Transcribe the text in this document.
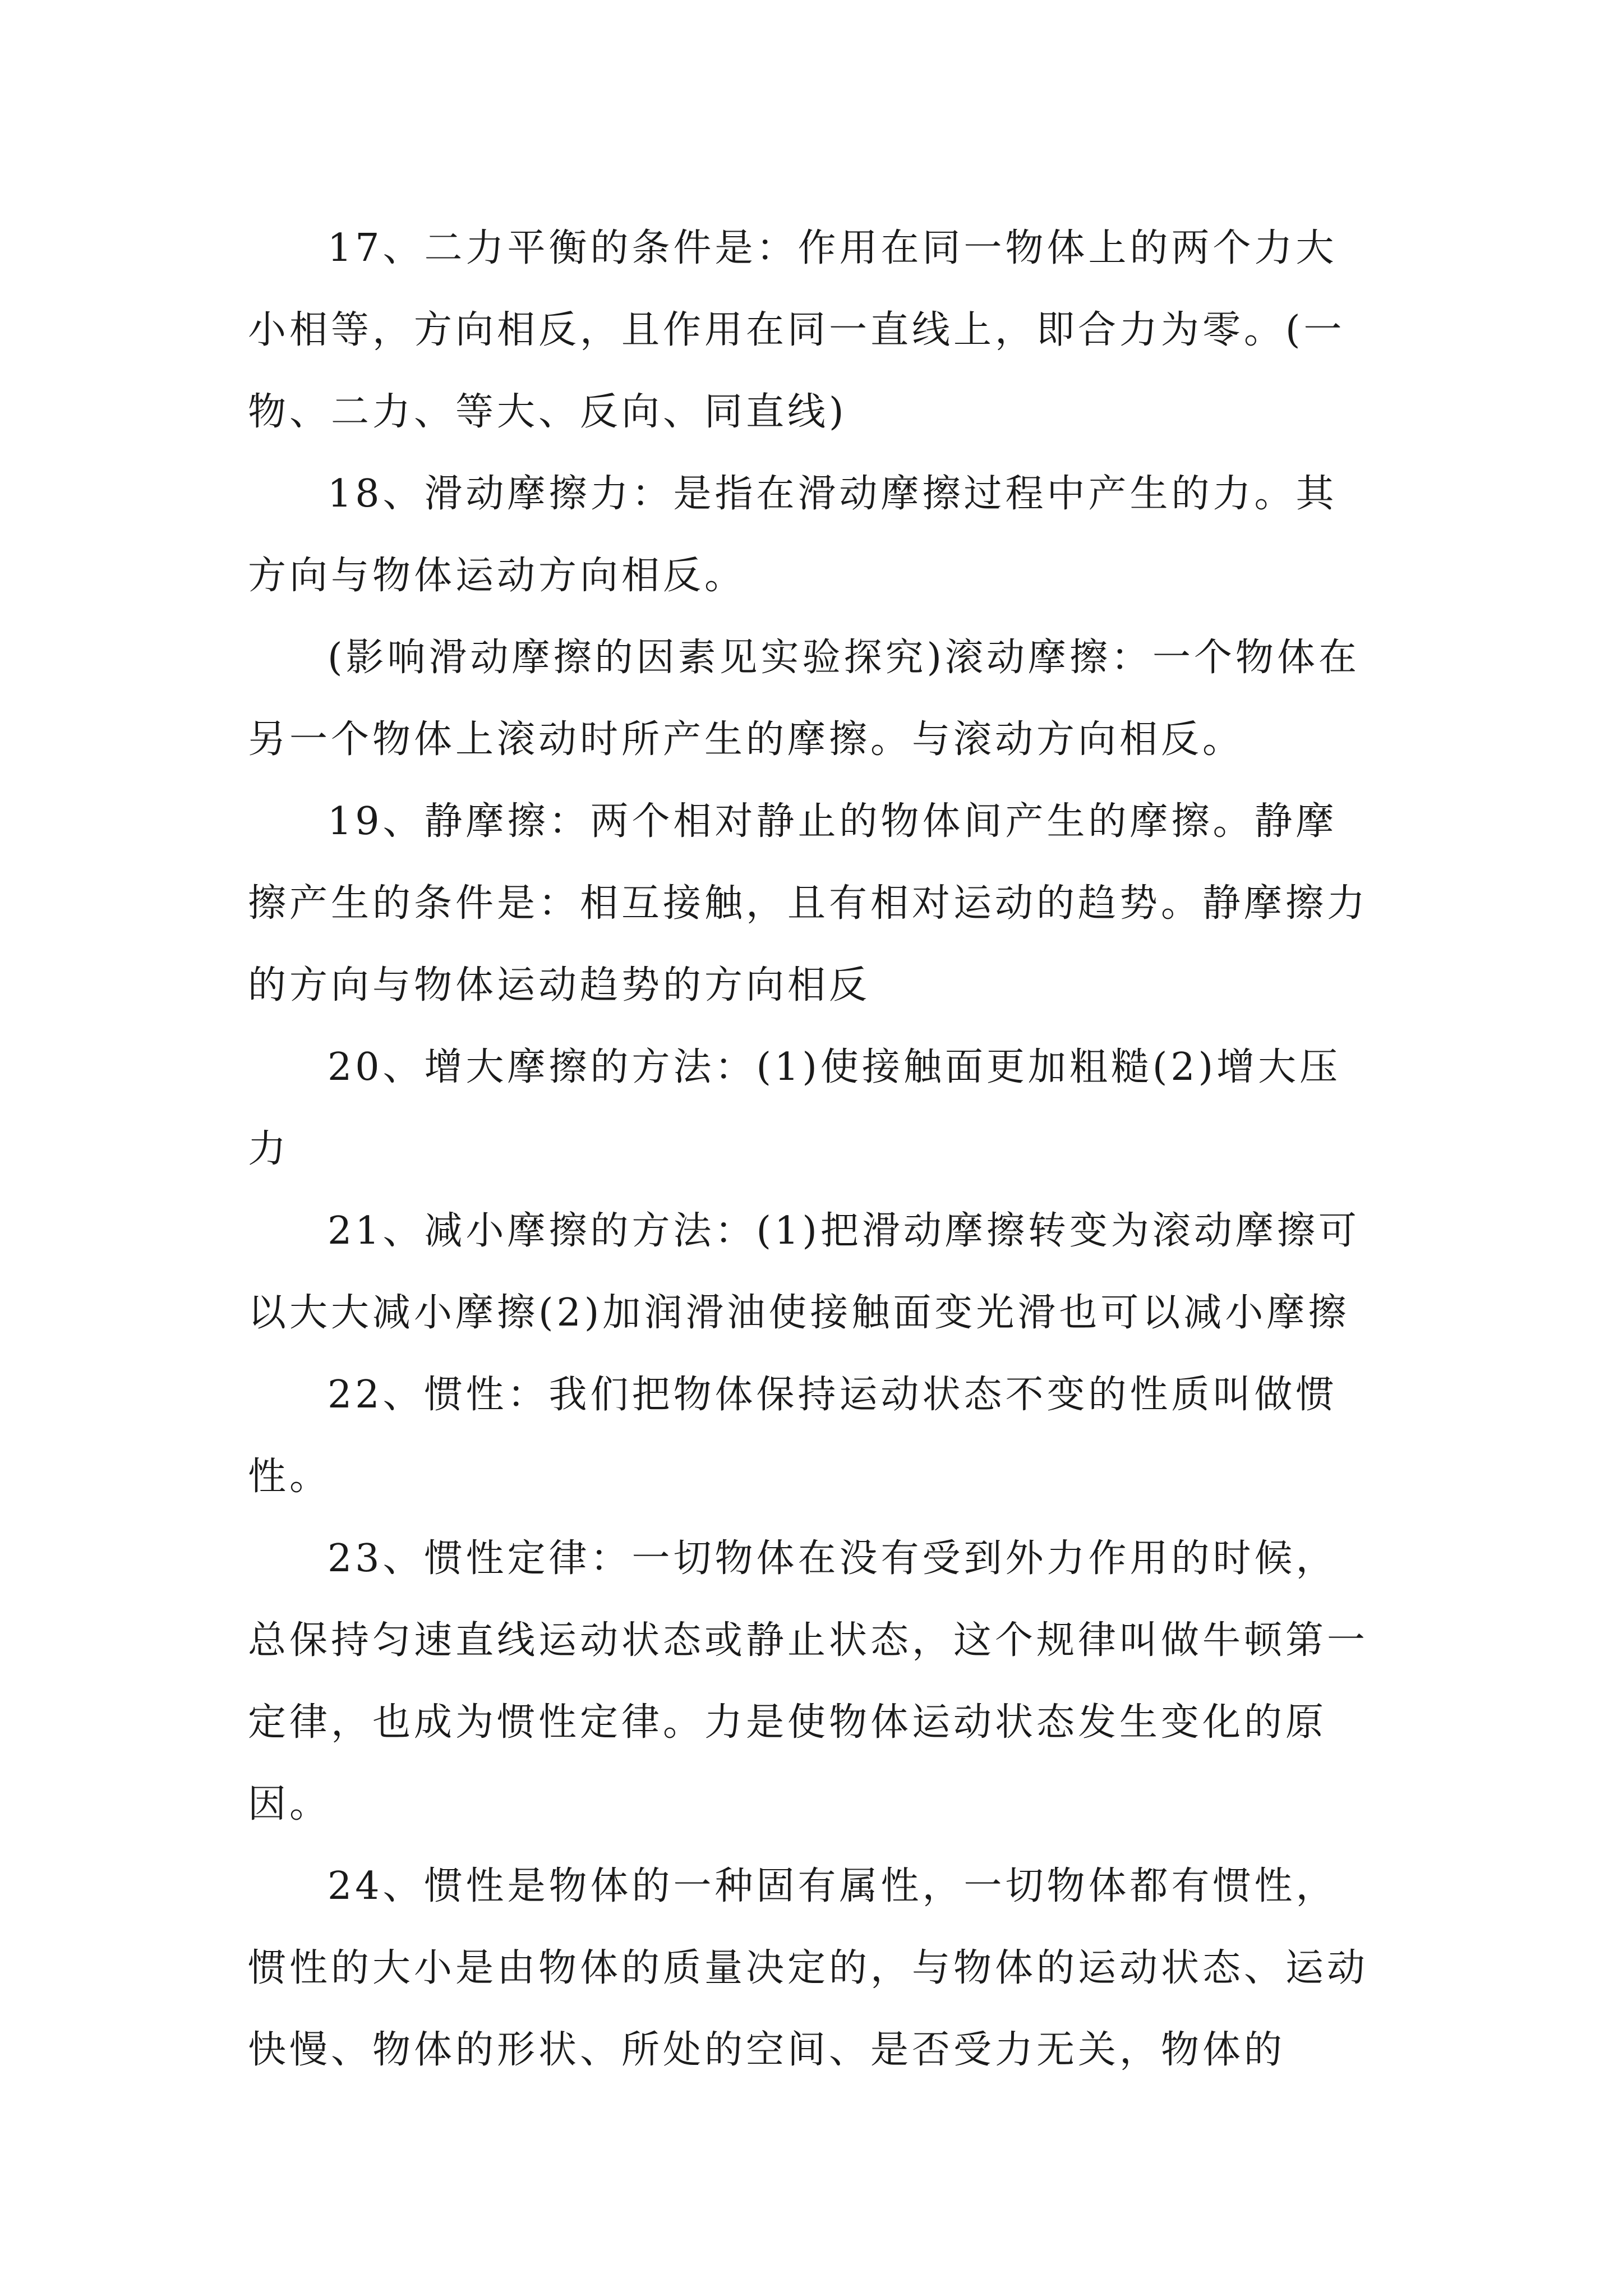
17、二力平衡的条件是：作用在同一物体上的两个力大小相等，方向相反，且作用在同一直线上，即合力为零。(一物、二力、等大、反向、同直线)

18、滑动摩擦力：是指在滑动摩擦过程中产生的力。其方向与物体运动方向相反。

(影响滑动摩擦的因素见实验探究)滚动摩擦：一个物体在另一个物体上滚动时所产生的摩擦。与滚动方向相反。

19、静摩擦：两个相对静止的物体间产生的摩擦。静摩擦产生的条件是：相互接触，且有相对运动的趋势。静摩擦力的方向与物体运动趋势的方向相反

20、增大摩擦的方法：(1)使接触面更加粗糙(2)增大压力

21、减小摩擦的方法：(1)把滑动摩擦转变为滚动摩擦可以大大减小摩擦(2)加润滑油使接触面变光滑也可以减小摩擦

22、惯性：我们把物体保持运动状态不变的性质叫做惯性。

23、惯性定律：一切物体在没有受到外力作用的时候，总保持匀速直线运动状态或静止状态，这个规律叫做牛顿第一定律，也成为惯性定律。力是使物体运动状态发生变化的原因。

24、惯性是物体的一种固有属性，一切物体都有惯性，惯性的大小是由物体的质量决定的，与物体的运动状态、运动快慢、物体的形状、所处的空间、是否受力无关，物体的
